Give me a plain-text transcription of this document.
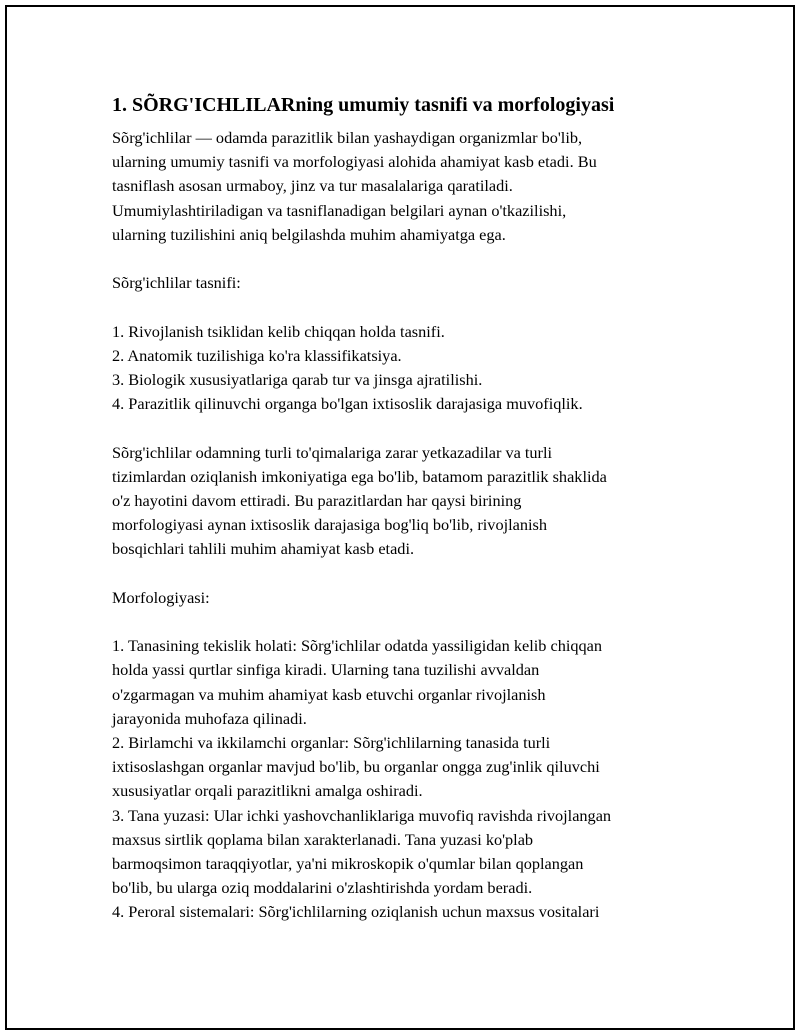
1. SÕRG'ICHLILARning umumiy tasnifi va morfologiyasi
Sõrg'ichlilar — odamda parazitlik bilan yashaydigan organizmlar bo'lib,
ularning umumiy tasnifi va morfologiyasi alohida ahamiyat kasb etadi. Bu
tasniflash asosan urmaboy, jinz va tur masalalariga qaratiladi.
Umumiylashtiriladigan va tasniflanadigan belgilari aynan o'tkazilishi,
ularning tuzilishini aniq belgilashda muhim ahamiyatga ega.
Sõrg'ichlilar tasnifi:
1. Rivojlanish tsiklidan kelib chiqqan holda tasnifi.
2. Anatomik tuzilishiga ko'ra klassifikatsiya.
3. Biologik xususiyatlariga qarab tur va jinsga ajratilishi.
4. Parazitlik qilinuvchi organga bo'lgan ixtisoslik darajasiga muvofiqlik.
Sõrg'ichlilar odamning turli to'qimalariga zarar yetkazadilar va turli
tizimlardan oziqlanish imkoniyatiga ega bo'lib, batamom parazitlik shaklida
o'z hayotini davom ettiradi. Bu parazitlardan har qaysi birining
morfologiyasi aynan ixtisoslik darajasiga bog'liq bo'lib, rivojlanish
bosqichlari tahlili muhim ahamiyat kasb etadi.
Morfologiyasi:
1. Tanasining tekislik holati: Sõrg'ichlilar odatda yassiligidan kelib chiqqan
holda yassi qurtlar sinfiga kiradi. Ularning tana tuzilishi avvaldan
o'zgarmagan va muhim ahamiyat kasb etuvchi organlar rivojlanish
jarayonida muhofaza qilinadi.
2. Birlamchi va ikkilamchi organlar: Sõrg'ichlilarning tanasida turli
ixtisoslashgan organlar mavjud bo'lib, bu organlar ongga zug'inlik qiluvchi
xususiyatlar orqali parazitlikni amalga oshiradi.
3. Tana yuzasi: Ular ichki yashovchanliklariga muvofiq ravishda rivojlangan
maxsus sirtlik qoplama bilan xarakterlanadi. Tana yuzasi ko'plab
barmoqsimon taraqqiyotlar, ya'ni mikroskopik o'qumlar bilan qoplangan
bo'lib, bu ularga oziq moddalarini o'zlashtirishda yordam beradi.
4. Peroral sistemalari: Sõrg'ichlilarning oziqlanish uchun maxsus vositalari
